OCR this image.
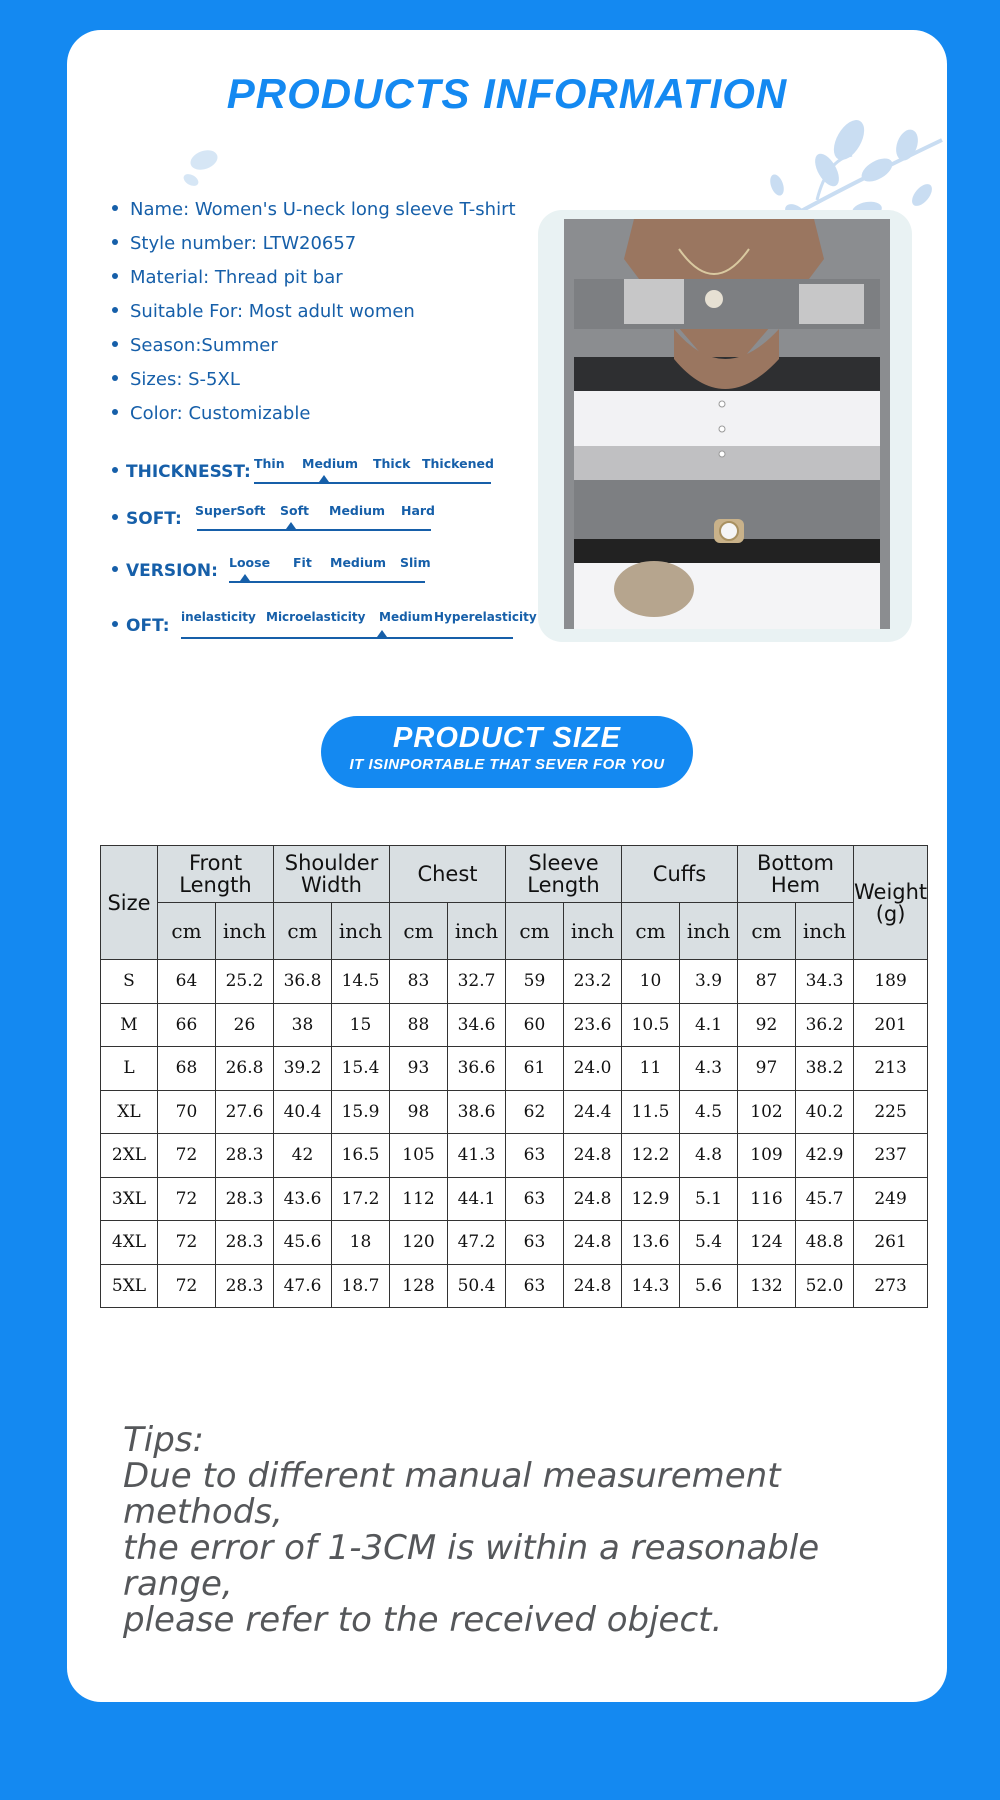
PRODUCTS INFORMATION
Name: Women's U-neck long sleeve T-shirt
Style number: LTW20657
Material: Thread pit bar
Suitable For: Most adult women
Season:Summer
Sizes: S-5XL
Color: Customizable
THICKNESST: Thin Medium Thick Thickened
SOFT: SuperSoft Soft Medium Hard
VERSION: Loose Fit Medium Slim
OFT: inelasticity Microelasticity Medium Hyperelasticity
PRODUCT SIZE
IT ISINPORTABLE THAT SEVER FOR YOU
Size	Front Length		Shoulder Width		Chest		Sleeve Length		Cuffs		Bottom Hem		Weight (g)
	cm	inch	cm	inch	cm	inch	cm	inch	cm	inch	cm	inch	
S	64	25.2	36.8	14.5	83	32.7	59	23.2	10	3.9	87	34.3	189
M	66	26	38	15	88	34.6	60	23.6	10.5	4.1	92	36.2	201
L	68	26.8	39.2	15.4	93	36.6	61	24.0	11	4.3	97	38.2	213
XL	70	27.6	40.4	15.9	98	38.6	62	24.4	11.5	4.5	102	40.2	225
2XL	72	28.3	42	16.5	105	41.3	63	24.8	12.2	4.8	109	42.9	237
3XL	72	28.3	43.6	17.2	112	44.1	63	24.8	12.9	5.1	116	45.7	249
4XL	72	28.3	45.6	18	120	47.2	63	24.8	13.6	5.4	124	48.8	261
5XL	72	28.3	47.6	18.7	128	50.4	63	24.8	14.3	5.6	132	52.0	273
Tips:
Due to different manual measurement methods,
the error of 1-3CM is within a reasonable range,
please refer to the received object.
